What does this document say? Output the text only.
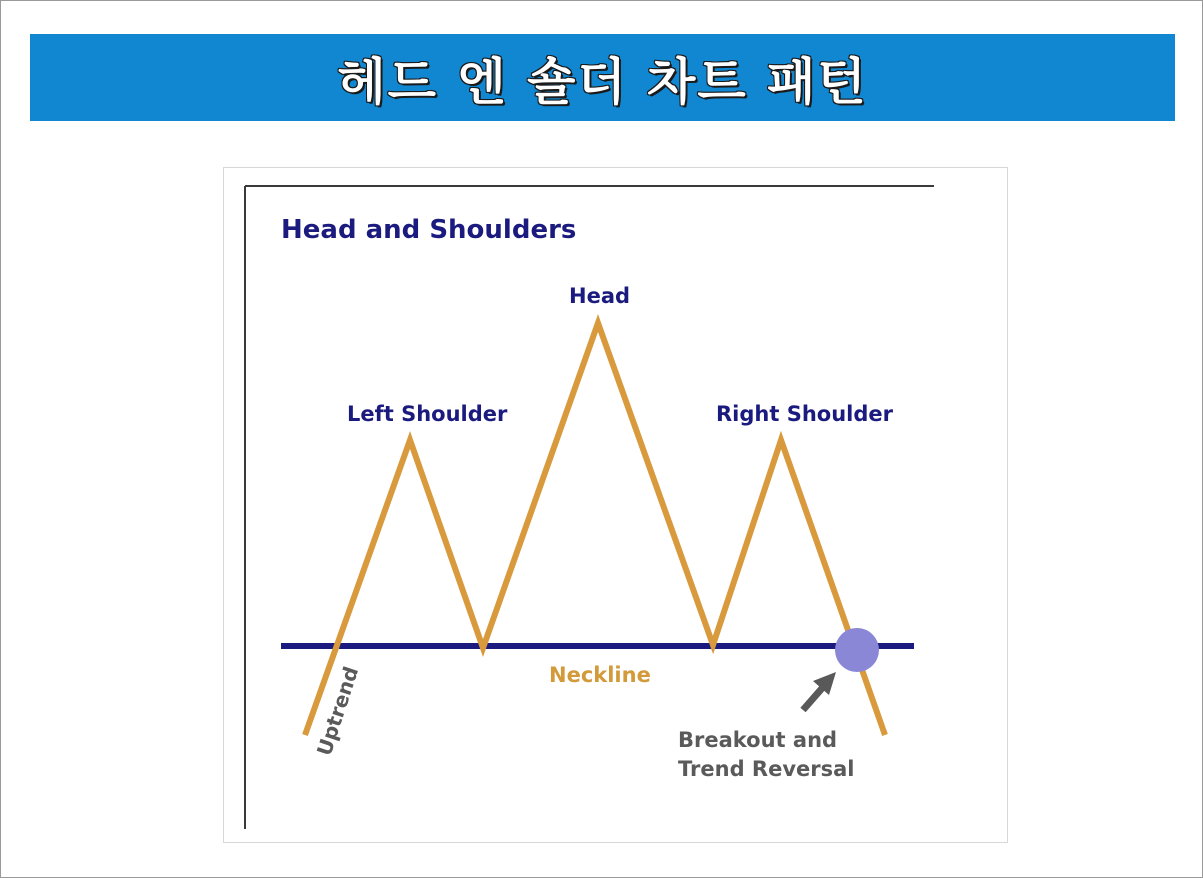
헤드 엔 숄더 차트 패턴
Head and Shoulders
Left Shoulder
Head
Right Shoulder
Neckline
Uptrend	Breakout and
Trend Reversal
